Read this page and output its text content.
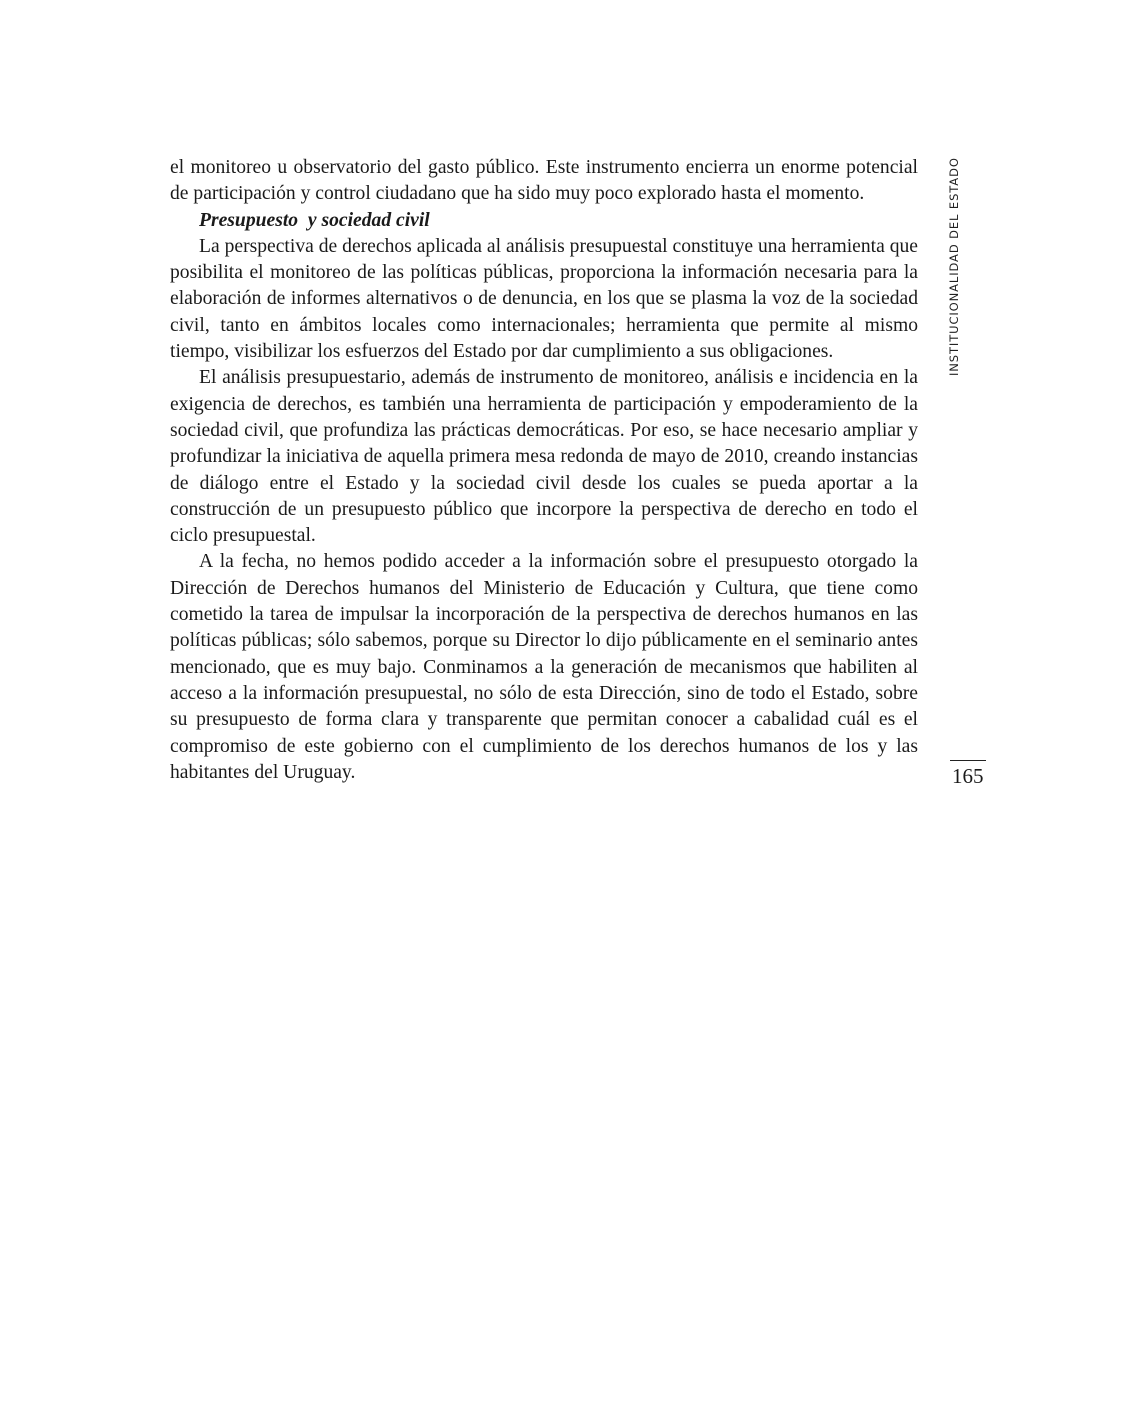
el monitoreo u observatorio del gasto público. Este instrumento encierra un enorme potencial de participación y control ciudadano que ha sido muy poco explorado hasta el momento.

Presupuesto  y sociedad civil

La perspectiva de derechos aplicada al análisis presupuestal constituye una herramienta que posibilita el monitoreo de las políticas públicas, proporciona la información necesaria para la elaboración de informes alternativos o de denuncia, en los que se plasma la voz de la sociedad civil, tanto en ámbitos locales como internacionales; herramienta que permite al mismo tiempo, visibilizar los esfuerzos del Estado por dar cumplimiento a sus obligaciones.

El análisis presupuestario, además de instrumento de monitoreo, análisis e incidencia en la exigencia de derechos, es también una herramienta de participación y empoderamiento de la sociedad civil, que profundiza las prácticas democráticas. Por eso, se hace necesario ampliar y profundizar la iniciativa de aquella primera mesa redonda de mayo de 2010, creando instancias de diálogo entre el Estado y la sociedad civil desde los cuales se pueda aportar a la construcción de un presupuesto público que incorpore la perspectiva de derecho en todo el ciclo presupuestal.

A la fecha, no hemos podido acceder a la información sobre el presupuesto otorgado la Dirección de Derechos humanos del Ministerio de Educación y Cultura, que tiene como cometido la tarea de impulsar la incorporación de la perspectiva de derechos humanos en las políticas públicas; sólo sabemos, porque su Director lo dijo públicamente en el seminario antes mencionado, que es muy bajo. Conminamos a la generación de mecanismos que habiliten al acceso a la información presupuestal, no sólo de esta Dirección, sino de todo el Estado, sobre su presupuesto de forma clara y transparente que permitan conocer a cabalidad cuál es el compromiso de este gobierno con el cumplimiento de los derechos humanos de los y las habitantes del Uruguay.

INSTITUCIONALIDAD DEL ESTADO
165
